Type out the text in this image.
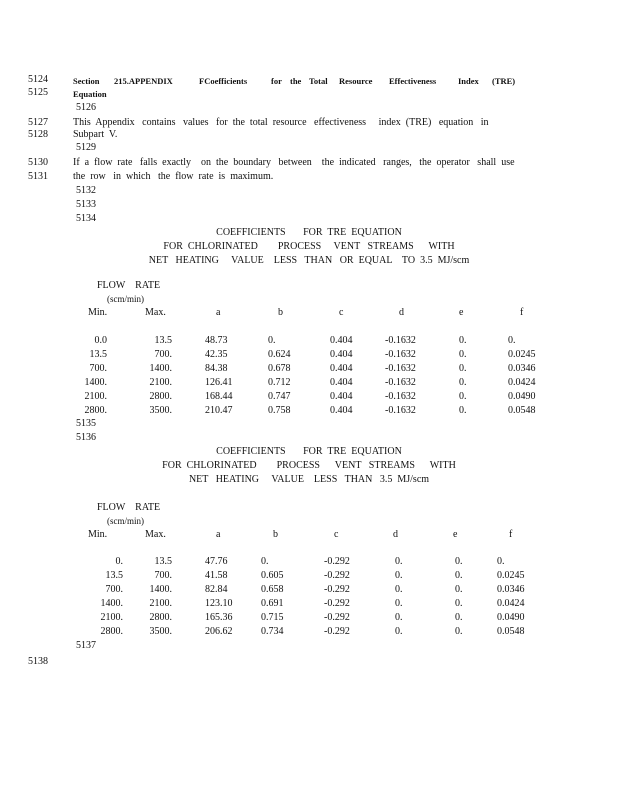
5124
5125
5127
5128
5130
5131
5138
Section 215.APPENDIX	FCoefficients	for the Total Resource Effectiveness	Index (TRE)
Equation
5126
5129
5132
5133
5134
This  Appendix   contains   values   for  the  total  resource   effectiveness     index  (TRE)   equation   in
Subpart  V.
If  a  flow  rate   falls  exactly    on  the  boundary   between    the  indicated   ranges,   the  operator   shall  use
the  row   in  which   the  flow  rate  is  maximum.
COEFFICIENTS       FOR  TRE  EQUATION
FOR  CHLORINATED        PROCESS     VENT   STREAMS      WITH
NET   HEATING     VALUE    LESS   THAN   OR  EQUAL    TO  3.5  MJ/scm
FLOW    RATE
(scm/min)
Min.	Max.	a	b	c	d	e	f
0.0	13.5	48.73	0.	0.404	-0.1632	0.	0.
13.5	700.	42.35	0.624	0.404	-0.1632	0.	0.0245
700.	1400.	84.38	0.678	0.404	-0.1632	0.	0.0346
1400.	2100.	126.41	0.712	0.404	-0.1632	0.	0.0424
2100.	2800.	168.44	0.747	0.404	-0.1632	0.	0.0490
2800.	3500.	210.47	0.758	0.404	-0.1632	0.	0.0548
5135
5136
COEFFICIENTS       FOR  TRE  EQUATION
FOR  CHLORINATED        PROCESS      VENT   STREAMS      WITH
NET   HEATING     VALUE    LESS   THAN   3.5  MJ/scm
FLOW    RATE
(scm/min)
Min.	Max.	a	b	c	d	e	f
0.	13.5	47.76	0.	-0.292	0.	0.	0.
13.5	700.	41.58	0.605	-0.292	0.	0.	0.0245
700.	1400.	82.84	0.658	-0.292	0.	0.	0.0346
1400.	2100.	123.10	0.691	-0.292	0.	0.	0.0424
2100.	2800.	165.36	0.715	-0.292	0.	0.	0.0490
2800.	3500.	206.62	0.734	-0.292	0.	0.	0.0548
5137
